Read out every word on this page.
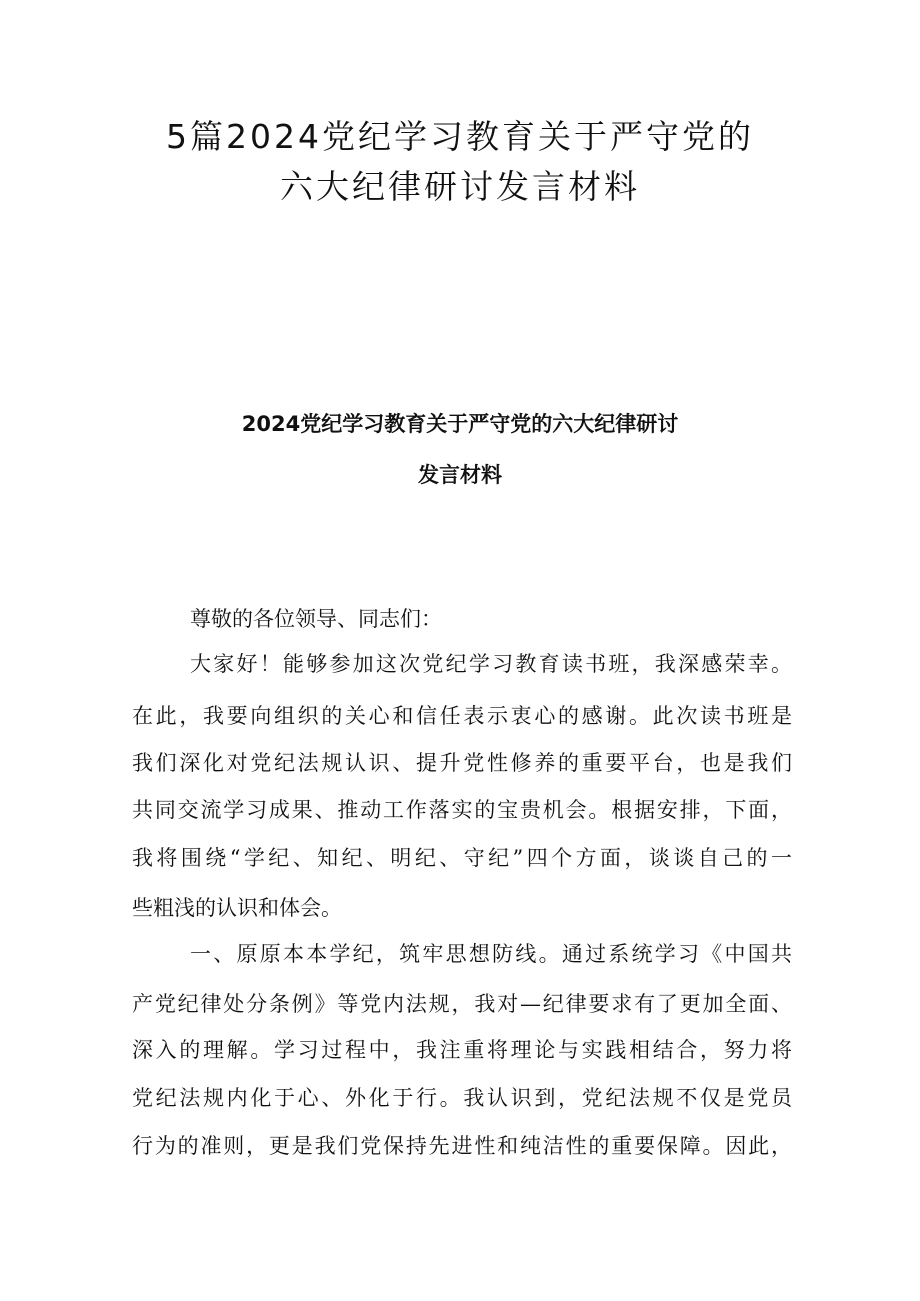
5篇2024党纪学习教育关于严守党的
六大纪律研讨发言材料
2024党纪学习教育关于严守党的六大纪律研讨
发言材料
尊敬的各位领导、同志们：
大家好！能够参加这次党纪学习教育读书班，我深感荣幸。
在此，我要向组织的关心和信任表示衷心的感谢。此次读书班是
我们深化对党纪法规认识、提升党性修养的重要平台，也是我们
共同交流学习成果、推动工作落实的宝贵机会。根据安排，下面，
我将围绕“学纪、知纪、明纪、守纪”四个方面，谈谈自己的一
些粗浅的认识和体会。
一、原原本本学纪，筑牢思想防线。通过系统学习《中国共
产党纪律处分条例》等党内法规，我对—纪律要求有了更加全面、
深入的理解。学习过程中，我注重将理论与实践相结合，努力将
党纪法规内化于心、外化于行。我认识到，党纪法规不仅是党员
行为的准则，更是我们党保持先进性和纯洁性的重要保障。因此，
